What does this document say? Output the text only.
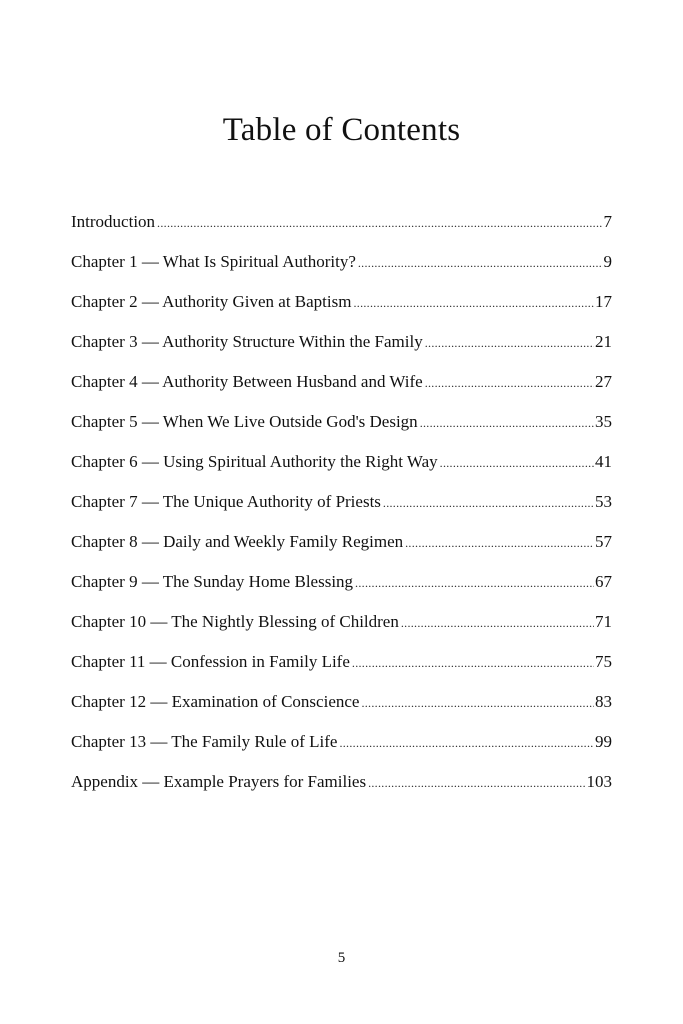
Table of Contents
Introduction .....	7
Chapter 1 — What Is Spiritual Authority? .....	9
Chapter 2 — Authority Given at Baptism .....	17
Chapter 3 — Authority Structure Within the Family .....	21
Chapter 4 — Authority Between Husband and Wife .....	27
Chapter 5 — When We Live Outside God's Design .....	35
Chapter 6 — Using Spiritual Authority the Right Way .....	41
Chapter 7 — The Unique Authority of Priests .....	53
Chapter 8 — Daily and Weekly Family Regimen .....	57
Chapter 9 — The Sunday Home Blessing .....	67
Chapter 10 — The Nightly Blessing of Children .....	71
Chapter 11 — Confession in Family Life .....	75
Chapter 12 — Examination of Conscience .....	83
Chapter 13 — The Family Rule of Life .....	99
Appendix — Example Prayers for Families .....	103
5
